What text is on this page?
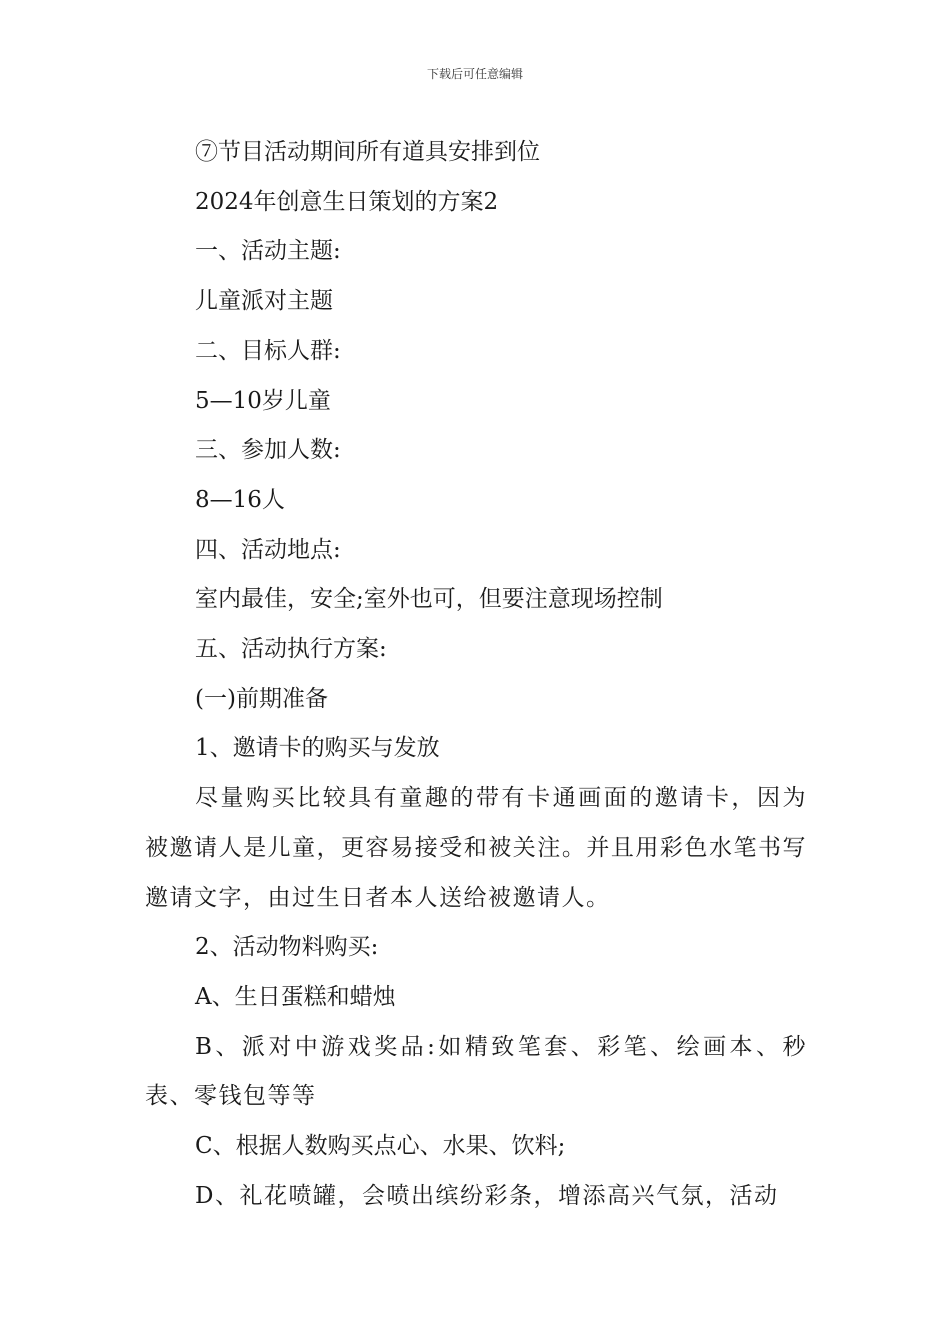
下载后可任意编辑

⑦节目活动期间所有道具安排到位

2024年创意生日策划的方案2

一、活动主题:

儿童派对主题

二、目标人群:

5—10岁儿童

三、参加人数:

8—16人

四、活动地点:

室内最佳，安全;室外也可，但要注意现场控制

五、活动执行方案:

(一)前期准备

1、邀请卡的购买与发放

尽量购买比较具有童趣的带有卡通画面的邀请卡，因为被邀请人是儿童，更容易接受和被关注。并且用彩色水笔书写邀请文字，由过生日者本人送给被邀请人。

2、活动物料购买:

A、生日蛋糕和蜡烛

B、派对中游戏奖品:如精致笔套、彩笔、绘画本、秒表、零钱包等等

C、根据人数购买点心、水果、饮料;

D、礼花喷罐，会喷出缤纷彩条，增添高兴气氛，活动
